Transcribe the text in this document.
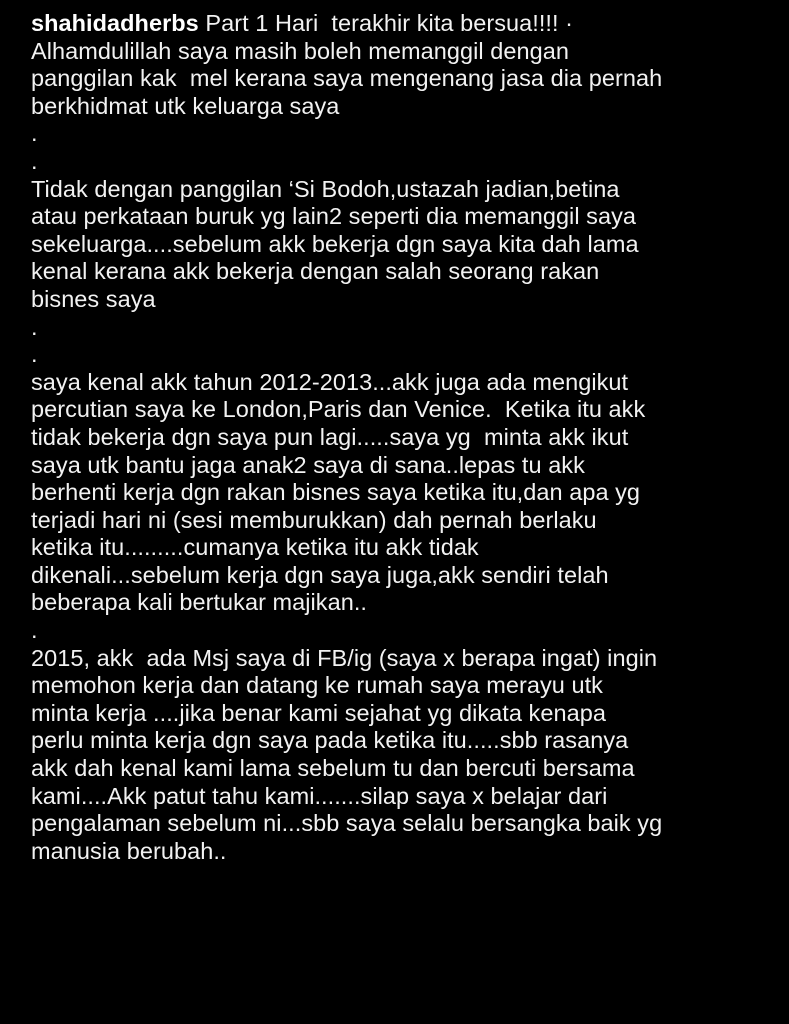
shahidadherbs Part 1 Hari  terakhir kita bersua!!!! ·
Alhamdulillah saya masih boleh memanggil dengan
panggilan kak  mel kerana saya mengenang jasa dia pernah
berkhidmat utk keluarga saya
.
.
Tidak dengan panggilan ‘Si Bodoh,ustazah jadian,betina
atau perkataan buruk yg lain2 seperti dia memanggil saya
sekeluarga....sebelum akk bekerja dgn saya kita dah lama
kenal kerana akk bekerja dengan salah seorang rakan
bisnes saya
.
.
saya kenal akk tahun 2012-2013...akk juga ada mengikut
percutian saya ke London,Paris dan Venice.  Ketika itu akk
tidak bekerja dgn saya pun lagi.....saya yg  minta akk ikut
saya utk bantu jaga anak2 saya di sana..lepas tu akk
berhenti kerja dgn rakan bisnes saya ketika itu,dan apa yg
terjadi hari ni (sesi memburukkan) dah pernah berlaku
ketika itu.........cumanya ketika itu akk tidak
dikenali...sebelum kerja dgn saya juga,akk sendiri telah
beberapa kali bertukar majikan..
.
2015, akk  ada Msj saya di FB/ig (saya x berapa ingat) ingin
memohon kerja dan datang ke rumah saya merayu utk
minta kerja ....jika benar kami sejahat yg dikata kenapa
perlu minta kerja dgn saya pada ketika itu.....sbb rasanya
akk dah kenal kami lama sebelum tu dan bercuti bersama
kami....Akk patut tahu kami.......silap saya x belajar dari
pengalaman sebelum ni...sbb saya selalu bersangka baik yg
manusia berubah..
